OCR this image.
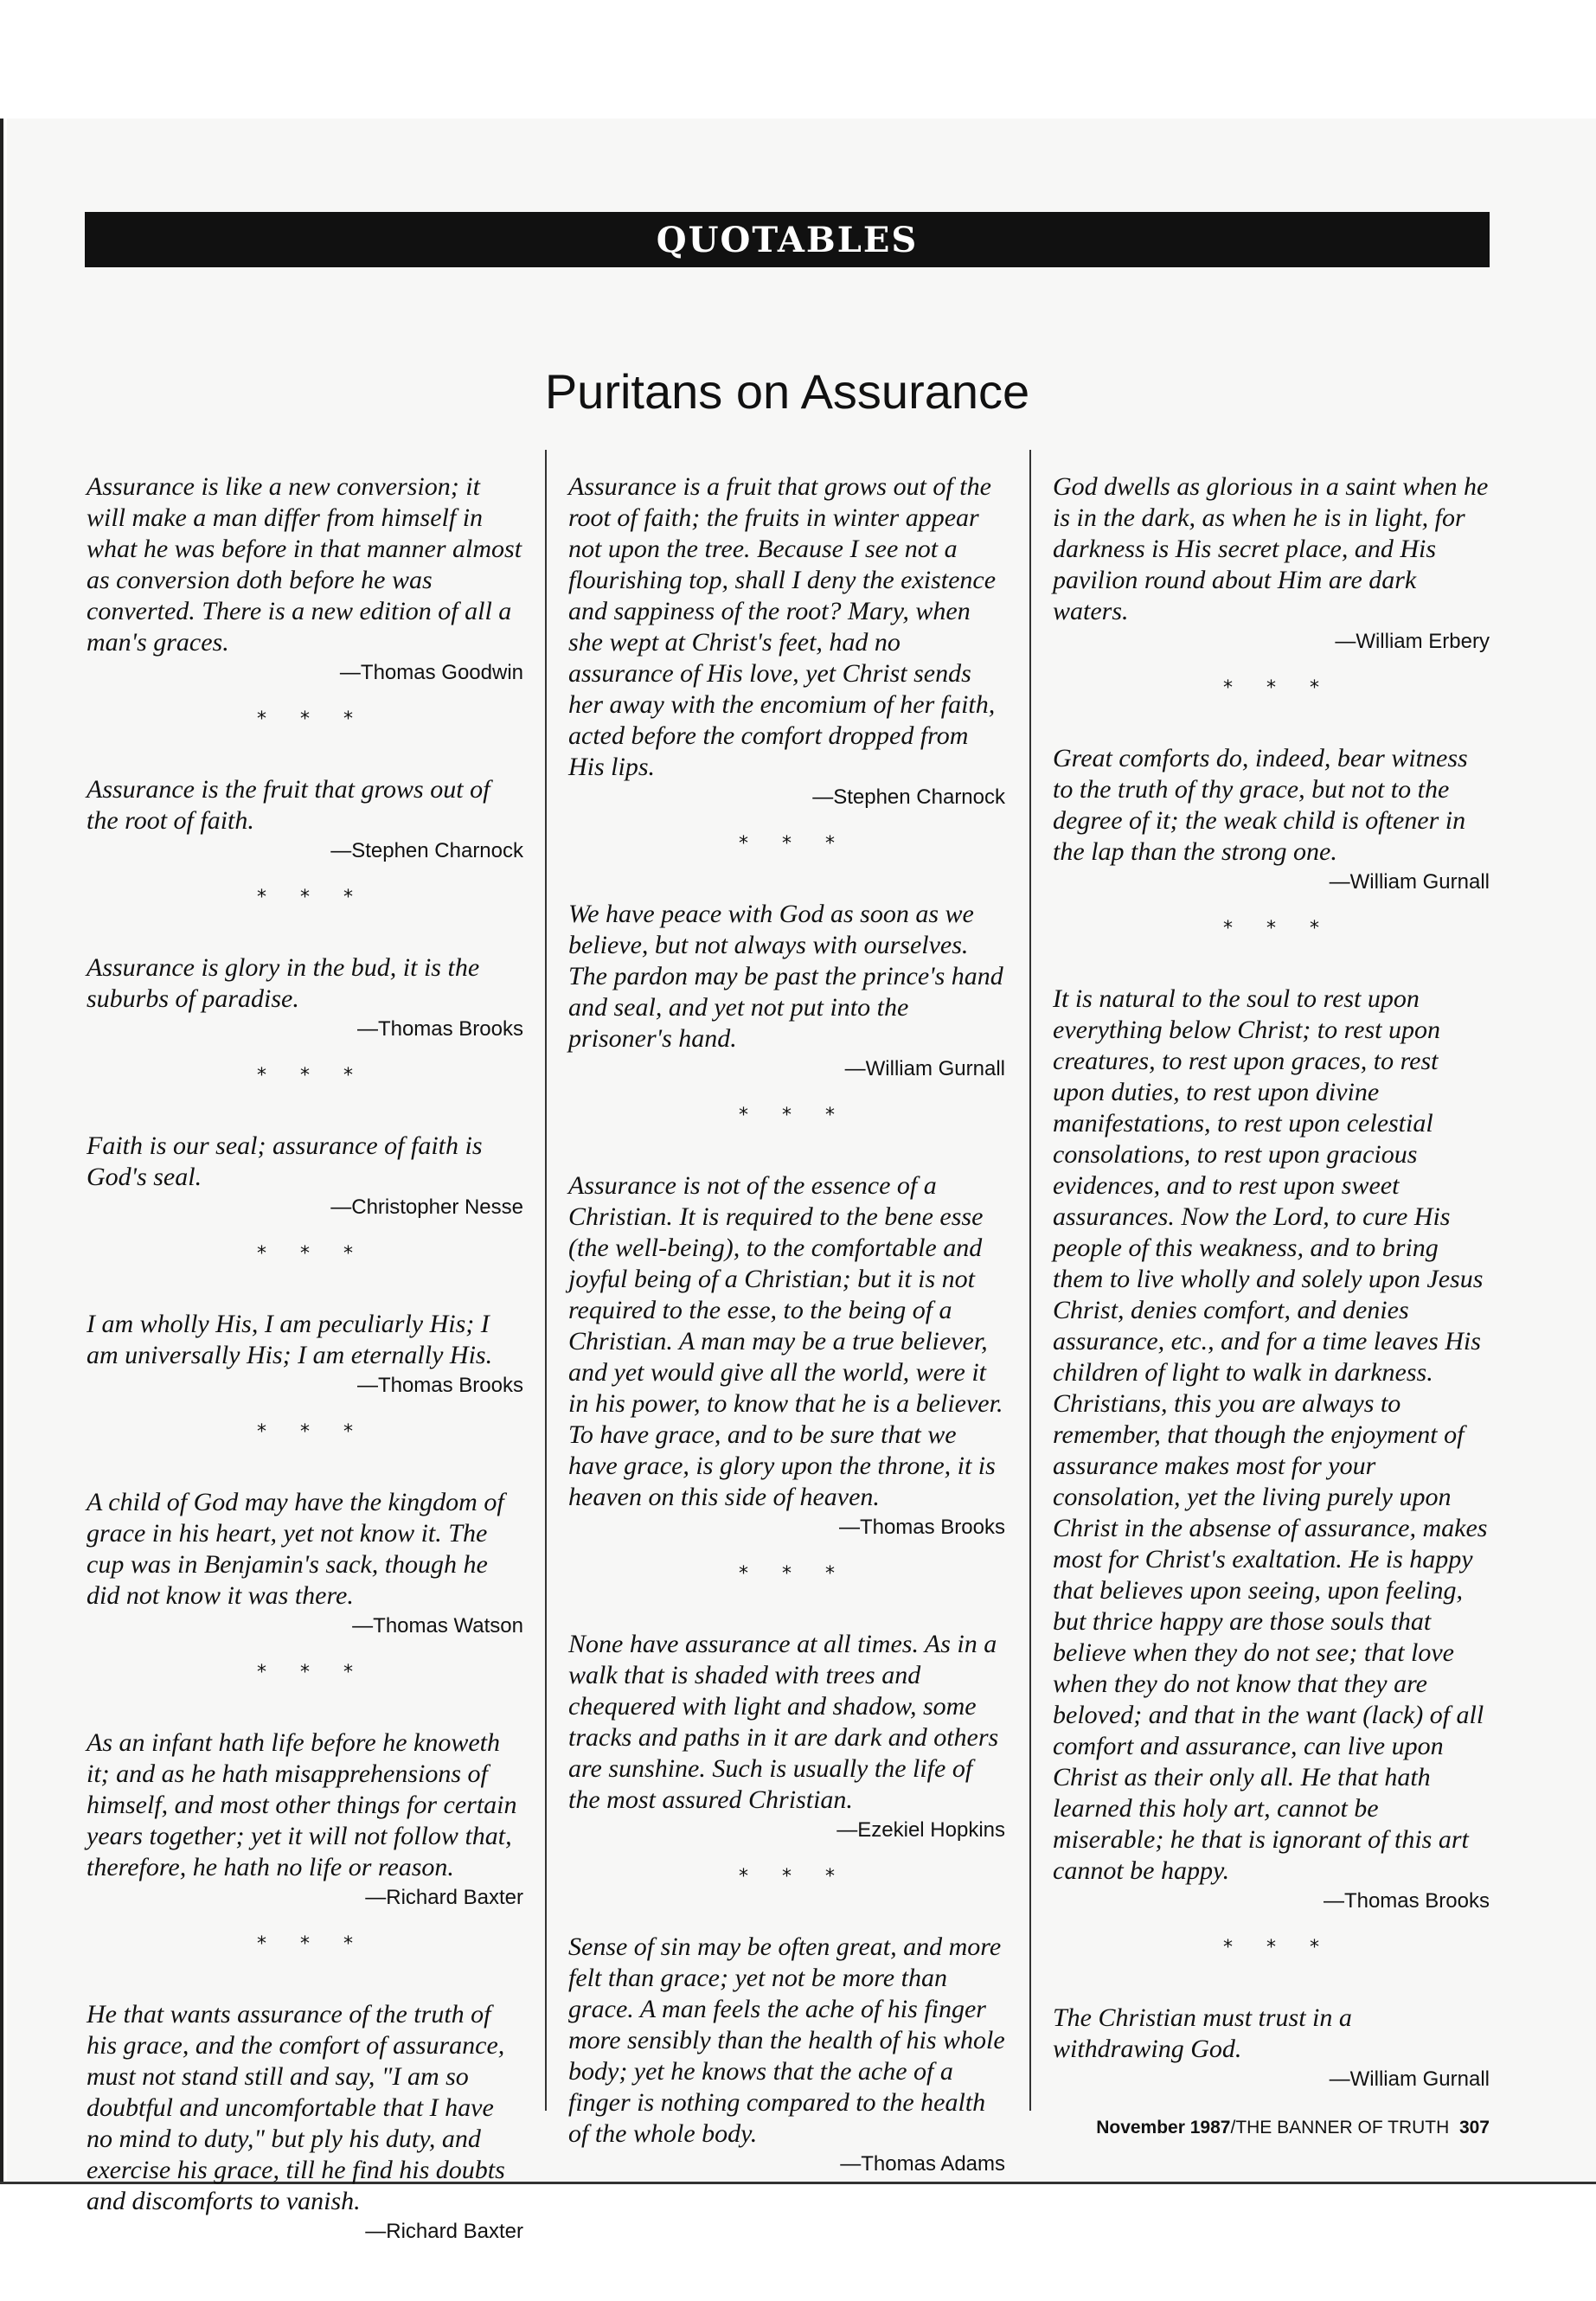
QUOTABLES
Puritans on Assurance

Assurance is like a new conversion; it will make a man differ from himself in what he was before in that manner almost as conversion doth before he was converted. There is a new edition of all a man's graces.

— Thomas Goodwin

* * *

Assurance is the fruit that grows out of the root of faith.

— Stephen Charnock

* * *

Assurance is glory in the bud, it is the suburbs of paradise.

— Thomas Brooks

* * *

Faith is our seal; assurance of faith is God's seal.

— Christopher Nesse

* * *

I am wholly His, I am peculiarly His; I am universally His; I am eternally His.

— Thomas Brooks

* * *

A child of God may have the kingdom of grace in his heart, yet not know it. The cup was in Benjamin's sack, though he did not know it was there.

— Thomas Watson

* * *

As an infant hath life before he knoweth it; and as he hath misapprehensions of himself, and most other things for certain years together; yet it will not follow that, therefore, he hath no life or reason.

— Richard Baxter

* * *

He that wants assurance of the truth of his grace, and the comfort of assurance, must not stand still and say, "I am so doubtful and uncomfortable that I have no mind to duty," but ply his duty, and exercise his grace, till he find his doubts and discomforts to vanish.

— Richard Baxter

Assurance is a fruit that grows out of the root of faith; the fruits in winter appear not upon the tree. Because I see not a flourishing top, shall I deny the existence and sappiness of the root? Mary, when she wept at Christ's feet, had no assurance of His love, yet Christ sends her away with the encomium of her faith, acted before the comfort dropped from His lips.

— Stephen Charnock

* * *

We have peace with God as soon as we believe, but not always with ourselves. The pardon may be past the prince's hand and seal, and yet not put into the prisoner's hand.

— William Gurnall

* * *

Assurance is not of the essence of a Christian. It is required to the bene esse (the well-being), to the comfortable and joyful being of a Christian; but it is not required to the esse, to the being of a Christian. A man may be a true believer, and yet would give all the world, were it in his power, to know that he is a believer. To have grace, and to be sure that we have grace, is glory upon the throne, it is heaven on this side of heaven.

— Thomas Brooks

* * *

None have assurance at all times. As in a walk that is shaded with trees and chequered with light and shadow, some tracks and paths in it are dark and others are sunshine. Such is usually the life of the most assured Christian.

— Ezekiel Hopkins

* * *

Sense of sin may be often great, and more felt than grace; yet not be more than grace. A man feels the ache of his finger more sensibly than the health of his whole body; yet he knows that the ache of a finger is nothing compared to the health of the whole body.

— Thomas Adams

God dwells as glorious in a saint when he is in the dark, as when he is in light, for darkness is His secret place, and His pavilion round about Him are dark waters.

— William Erbery

* * *

Great comforts do, indeed, bear witness to the truth of thy grace, but not to the degree of it; the weak child is oftener in the lap than the strong one.

— William Gurnall

* * *

It is natural to the soul to rest upon everything below Christ; to rest upon creatures, to rest upon graces, to rest upon duties, to rest upon divine manifestations, to rest upon celestial consolations, to rest upon gracious evidences, and to rest upon sweet assurances. Now the Lord, to cure His people of this weakness, and to bring them to live wholly and solely upon Jesus Christ, denies comfort, and denies assurance, etc., and for a time leaves His children of light to walk in darkness. Christians, this you are always to remember, that though the enjoyment of assurance makes most for your consolation, yet the living purely upon Christ in the absense of assurance, makes most for Christ's exaltation. He is happy that believes upon seeing, upon feeling, but thrice happy are those souls that believe when they do not see; that love when they do not know that they are beloved; and that in the want (lack) of all comfort and assurance, can live upon Christ as their only all. He that hath learned this holy art, cannot be miserable; he that is ignorant of this art cannot be happy.

— Thomas Brooks

* * *

The Christian must trust in a withdrawing God.

— William Gurnall

November 1987/THE BANNER OF TRUTH 307
